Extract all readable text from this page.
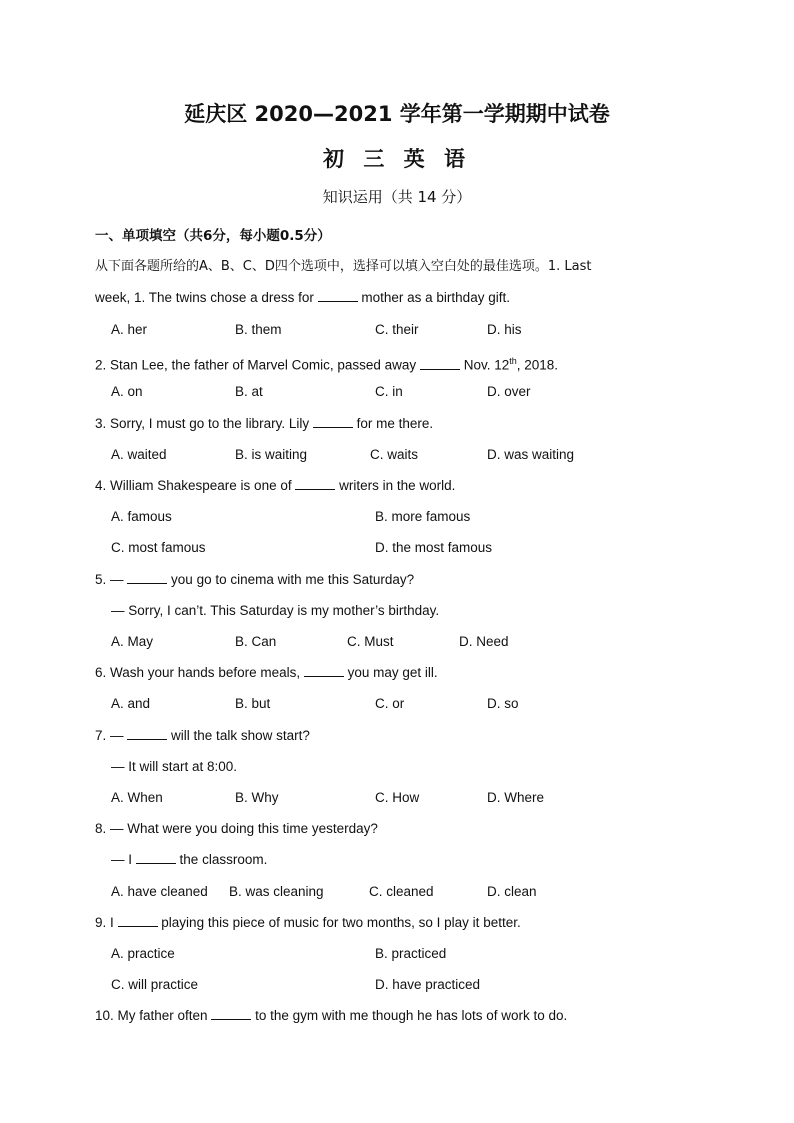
延庆区 2020—2021 学年第一学期期中试卷
初 三 英 语
知识运用（共 14 分）
一、单项填空（共6分，每小题0.5分）
从下面各题所给的A、B、C、D四个选项中，选择可以填入空白处的最佳选项。1. Last
week, 1. The twins chose a dress for	mother as a birthday gift.
A. her	B. them	C. their	D. his
2. Stan Lee, the father of Marvel Comic, passed away	Nov. 12th, 2018.
A. on	B. at	C. in	D. over
3. Sorry, I must go to the library. Lily	for me there.
A. waited	B. is waiting	C. waits	D. was waiting
4. William Shakespeare is one of	writers in the world.
A. famous	B. more famous
C. most famous	D. the most famous
5. —	you go to cinema with me this Saturday?
— Sorry, I can’t. This Saturday is my mother’s birthday.
A. May	B. Can	C. Must	D. Need
6. Wash your hands before meals,	you may get ill.
A. and	B. but	C. or	D. so
7. —	will the talk show start?
— It will start at 8:00.
A. When	B. Why	C. How	D. Where
8. — What were you doing this time yesterday?
— I	the classroom.
A. have cleaned B. was cleaning	C. cleaned	D. clean
9. I	playing this piece of music for two months, so I play it better.
A. practice	B. practiced
C. will practice	D. have practiced
10. My father often	to the gym with me though he has lots of work to do.
